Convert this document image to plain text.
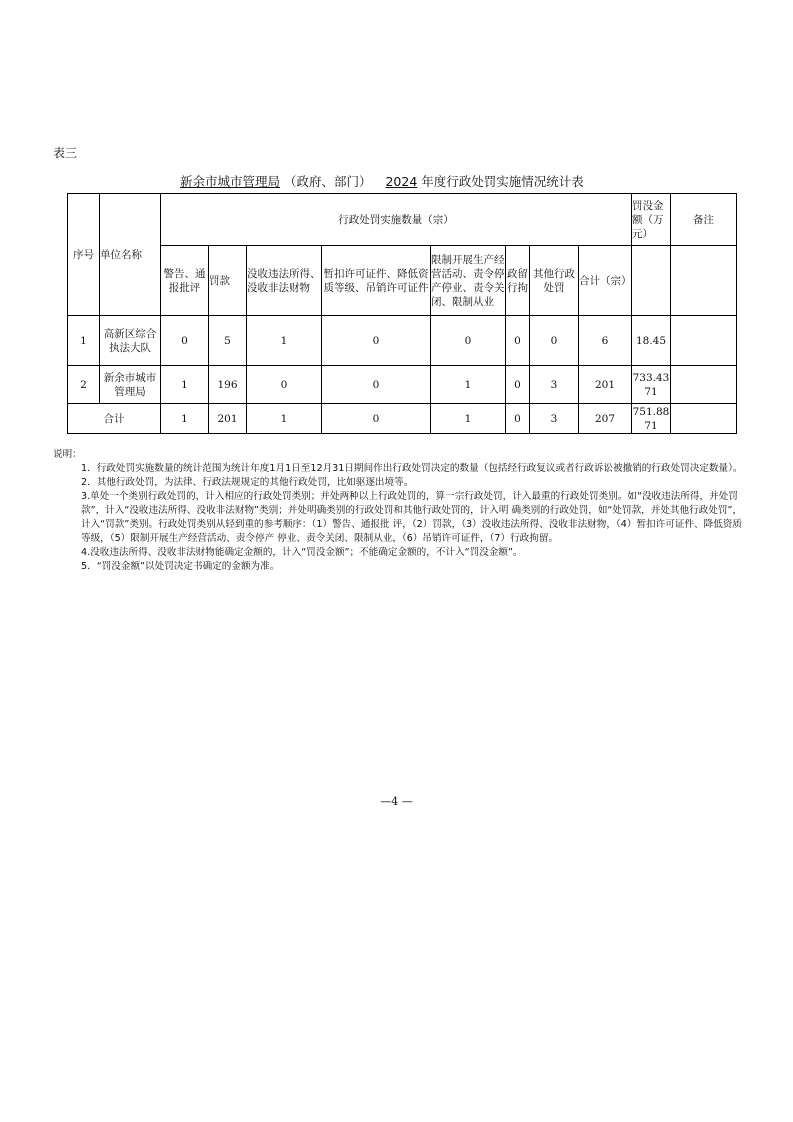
表三
新余市城市管理局 （政府、部门） 2024 年度行政处罚实施情况统计表
序号	单位名称	行政处罚实施数量（宗）								罚没金额（万元）	备注
		警告、通报批评	罚款	没收违法所得、没收非法财物	暂扣许可证件、降低资质等级、吊销许可证件	限制开展生产经营活动、责令停产停业、责令关闭、限制从业	政留行拘	其他行政处罚	合计（宗）		
1	高新区综合执法大队	0	5	1	0	0	0	0	6	18.45	
2	新余市城市管理局	1	196	0	0	1	0	3	201	733.4371	
合计		1	201	1	0	1	0	3	207	751.8871	

说明：

1．行政处罚实施数量的统计范围为统计年度1月1日至12月31日期间作出行政处罚决定的数量（包括经行政复议或者行政诉讼被撤销的行政处罚决定数量）。

2．其他行政处罚，为法律、行政法规规定的其他行政处罚，比如驱逐出境等。

3.单处一个类别行政处罚的，计入相应的行政处罚类别；并处两种以上行政处罚的，算一宗行政处罚，计入最重的行政处罚类别。如“没收违法所得，并处罚款”，计入“没收违法所得、没收非法财物”类别；并处明确类别的行政处罚和其他行政处罚的，计入明 确类别的行政处罚，如“处罚款，并处其他行政处罚”，计入“罚款”类别。行政处罚类别从轻到重的参考顺序：（1）警告、通报批 评，（2）罚款，（3）没收违法所得、没收非法财物，（4）暂扣许可证件、降低资质等级，（5）限制开展生产经营活动、责令停产 停业、责令关闭、限制从业，（6）吊销许可证件，（7）行政拘留。

4.没收违法所得、没收非法财物能确定金额的，计入“罚没金额”；不能确定金额的，不计入“罚没金额”。

5．“罚没金额”以处罚决定书确定的金额为准。

—4 —
